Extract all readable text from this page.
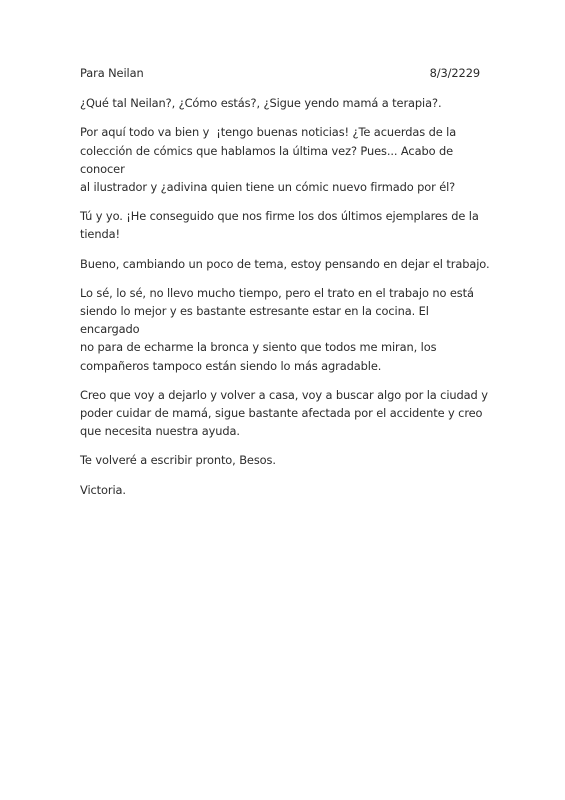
Para Neilan	8/3/2229

¿Qué tal Neilan?, ¿Cómo estás?, ¿Sigue yendo mamá a terapia?.

Por aquí todo va bien y  ¡tengo buenas noticias! ¿Te acuerdas de la
colección de cómics que hablamos la última vez? Pues... Acabo de conocer
al ilustrador y ¿adivina quien tiene un cómic nuevo firmado por él?

Tú y yo. ¡He conseguido que nos firme los dos últimos ejemplares de la
tienda!

Bueno, cambiando un poco de tema, estoy pensando en dejar el trabajo.

Lo sé, lo sé, no llevo mucho tiempo, pero el trato en el trabajo no está
siendo lo mejor y es bastante estresante estar en la cocina. El encargado
no para de echarme la bronca y siento que todos me miran, los
compañeros tampoco están siendo lo más agradable.

Creo que voy a dejarlo y volver a casa, voy a buscar algo por la ciudad y
poder cuidar de mamá, sigue bastante afectada por el accidente y creo
que necesita nuestra ayuda.

Te volveré a escribir pronto, Besos.

Victoria.
